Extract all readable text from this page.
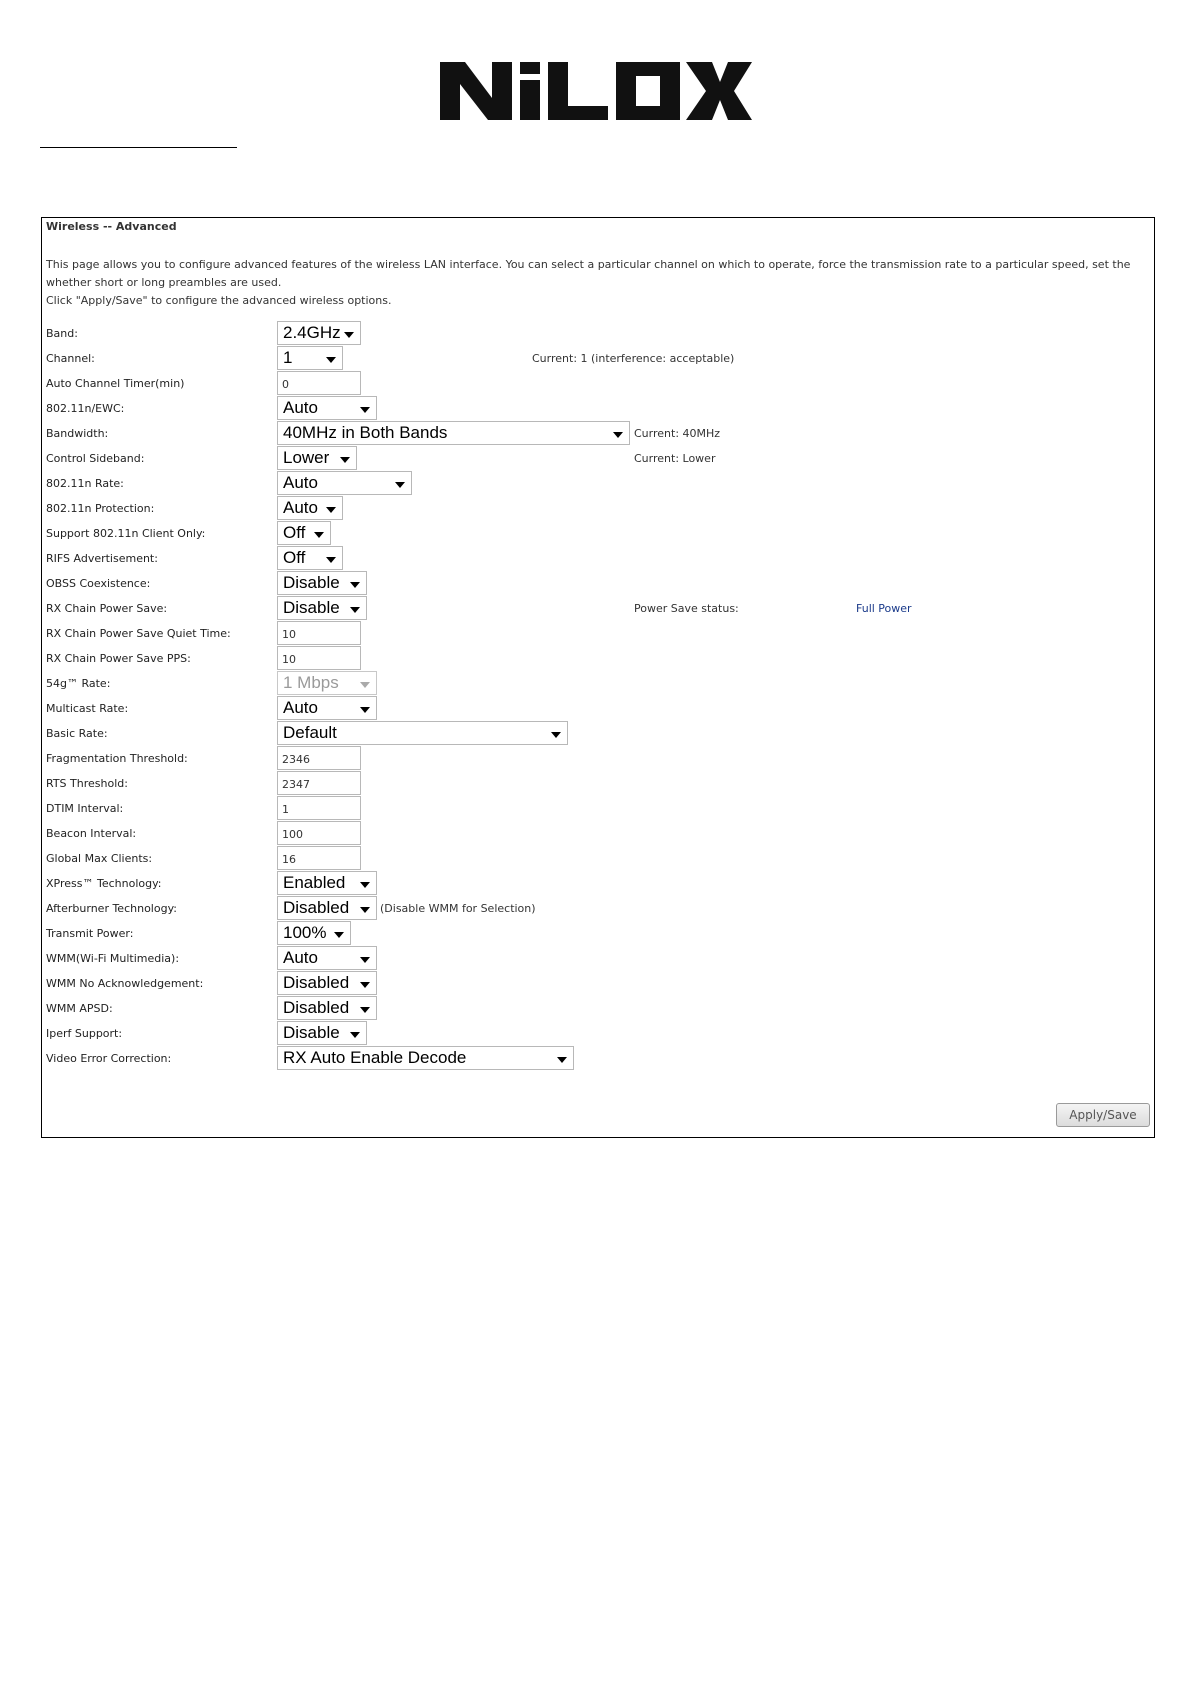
Wireless -- Advanced
This page allows you to configure advanced features of the wireless LAN interface. You can select a particular channel on which to operate, force the transmission rate to a particular speed, set the
whether short or long preambles are used.
Click "Apply/Save" to configure the advanced wireless options.
Band:	2.4GHz
Channel:	1	Current: 1 (interference: acceptable)
Auto Channel Timer(min)	0
802.11n/EWC:	Auto
Bandwidth:	40MHz in Both Bands	Current: 40MHz
Control Sideband:	Lower	Current: Lower
802.11n Rate:	Auto
802.11n Protection:	Auto
Support 802.11n Client Only:	Off
RIFS Advertisement:	Off
OBSS Coexistence:	Disable
RX Chain Power Save:	Disable	Power Save status:	Full Power
RX Chain Power Save Quiet Time:	10
RX Chain Power Save PPS:	10
54g™ Rate:	1 Mbps
Multicast Rate:	Auto
Basic Rate:	Default
Fragmentation Threshold:	2346
RTS Threshold:	2347
DTIM Interval:	1
Beacon Interval:	100
Global Max Clients:	16
XPress™ Technology:	Enabled
Afterburner Technology:	Disabled	(Disable WMM for Selection)
Transmit Power:	100%
WMM(Wi-Fi Multimedia):	Auto
WMM No Acknowledgement:	Disabled
WMM APSD:	Disabled
Iperf Support:	Disable
Video Error Correction:	RX Auto Enable Decode
Apply/Save
